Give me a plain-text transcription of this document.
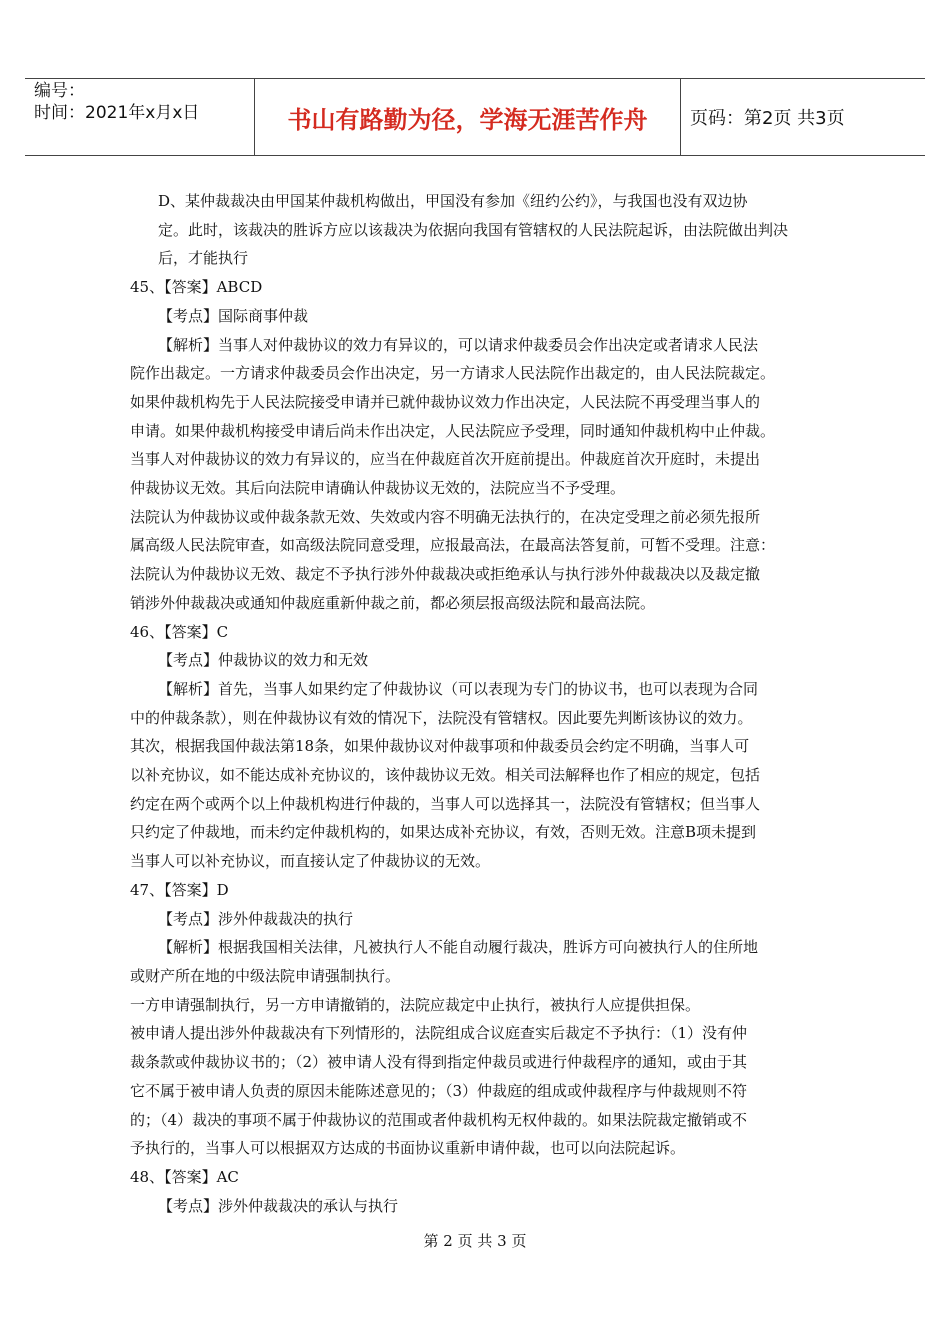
编号：
时间：2021年x月x日	书山有路勤为径，学海无涯苦作舟	页码：第2页 共3页

D、某仲裁裁决由甲国某仲裁机构做出，甲国没有参加《纽约公约》，与我国也没有双边协

定。此时，该裁决的胜诉方应以该裁决为依据向我国有管辖权的人民法院起诉，由法院做出判决

后，才能执行

45、【答案】ABCD

【考点】国际商事仲裁

【解析】当事人对仲裁协议的效力有异议的，可以请求仲裁委员会作出决定或者请求人民法

院作出裁定。一方请求仲裁委员会作出决定，另一方请求人民法院作出裁定的，由人民法院裁定。

如果仲裁机构先于人民法院接受申请并已就仲裁协议效力作出决定，人民法院不再受理当事人的

申请。如果仲裁机构接受申请后尚未作出决定，人民法院应予受理，同时通知仲裁机构中止仲裁。

当事人对仲裁协议的效力有异议的，应当在仲裁庭首次开庭前提出。仲裁庭首次开庭时，未提出

仲裁协议无效。其后向法院申请确认仲裁协议无效的，法院应当不予受理。

法院认为仲裁协议或仲裁条款无效、失效或内容不明确无法执行的，在决定受理之前必须先报所

属高级人民法院审查，如高级法院同意受理，应报最高法，在最高法答复前，可暂不受理。注意：

法院认为仲裁协议无效、裁定不予执行涉外仲裁裁决或拒绝承认与执行涉外仲裁裁决以及裁定撤

销涉外仲裁裁决或通知仲裁庭重新仲裁之前，都必须层报高级法院和最高法院。

46、【答案】C

【考点】仲裁协议的效力和无效

【解析】首先，当事人如果约定了仲裁协议（可以表现为专门的协议书，也可以表现为合同

中的仲裁条款），则在仲裁协议有效的情况下，法院没有管辖权。因此要先判断该协议的效力。

其次，根据我国仲裁法第18条，如果仲裁协议对仲裁事项和仲裁委员会约定不明确，当事人可

以补充协议，如不能达成补充协议的，该仲裁协议无效。相关司法解释也作了相应的规定，包括

约定在两个或两个以上仲裁机构进行仲裁的，当事人可以选择其一，法院没有管辖权；但当事人

只约定了仲裁地，而未约定仲裁机构的，如果达成补充协议，有效，否则无效。注意B项未提到

当事人可以补充协议，而直接认定了仲裁协议的无效。

47、【答案】D

【考点】涉外仲裁裁决的执行

【解析】根据我国相关法律，凡被执行人不能自动履行裁决，胜诉方可向被执行人的住所地

或财产所在地的中级法院申请强制执行。

一方申请强制执行，另一方申请撤销的，法院应裁定中止执行，被执行人应提供担保。

被申请人提出涉外仲裁裁决有下列情形的，法院组成合议庭查实后裁定不予执行：（1）没有仲

裁条款或仲裁协议书的；（2）被申请人没有得到指定仲裁员或进行仲裁程序的通知，或由于其

它不属于被申请人负责的原因未能陈述意见的；（3）仲裁庭的组成或仲裁程序与仲裁规则不符

的；（4）裁决的事项不属于仲裁协议的范围或者仲裁机构无权仲裁的。如果法院裁定撤销或不

予执行的，当事人可以根据双方达成的书面协议重新申请仲裁，也可以向法院起诉。

48、【答案】AC

【考点】涉外仲裁裁决的承认与执行

第 2 页 共 3 页
